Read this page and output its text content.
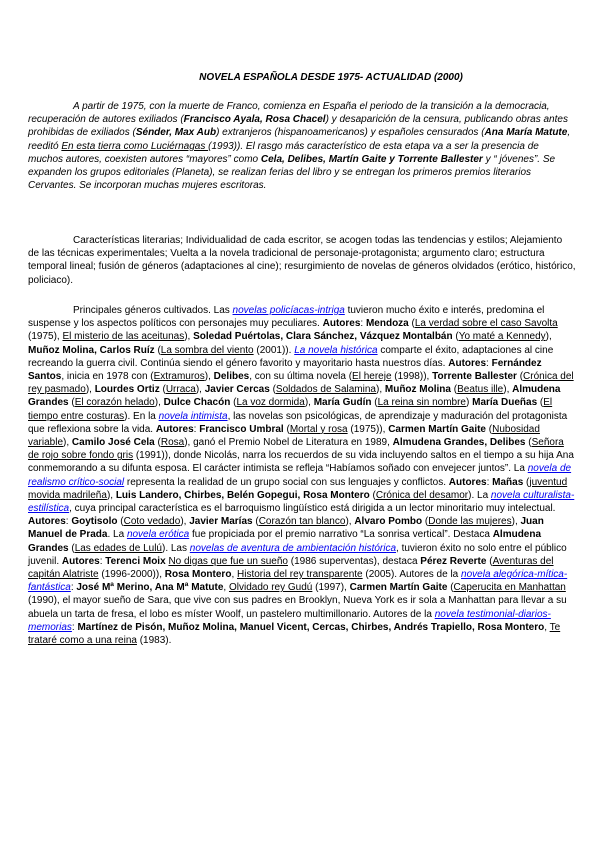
NOVELA ESPAÑOLA DESDE 1975- ACTUALIDAD (2000)
A partir de 1975, con la muerte de Franco, comienza en España el periodo de la transición a la democracia, recuperación de autores exiliados (Francisco Ayala, Rosa Chacel) y desaparición de la censura, publicando obras antes prohibidas de exiliados (Sénder, Max Aub) extranjeros (hispanoamericanos) y españoles censurados (Ana María Matute, reeditó En esta tierra como Luciérnagas (1993)). El rasgo más característico de esta etapa va a ser la presencia de muchos autores, coexisten autores “mayores” como Cela, Delibes, Martín Gaite y Torrente Ballester y “ jóvenes”. Se expanden los grupos editoriales (Planeta), se realizan ferias del libro y se entregan los primeros premios literarios Cervantes. Se incorporan muchas mujeres escritoras.
Características literarias; Individualidad de cada escritor, se acogen todas las tendencias y estilos; Alejamiento de las técnicas experimentales; Vuelta a la novela tradicional de personaje-protagonista; argumento claro; estructura temporal lineal; fusión de géneros (adaptaciones al cine); resurgimiento de novelas de géneros olvidados (erótico, histórico, policiaco).
Principales géneros cultivados. Las novelas policíacas-intriga tuvieron mucho éxito e interés, predomina el suspense y los aspectos políticos con personajes muy peculiares. Autores: Mendoza (La verdad sobre el caso Savolta (1975), El misterio de las aceitunas), Soledad Puértolas, Clara Sánchez, Vázquez Montalbán (Yo maté a Kennedy), Muñoz Molina, Carlos Ruíz (La sombra del viento (2001)). La novela histórica comparte el éxito, adaptaciones al cine recreando la guerra civil. Continúa siendo el género favorito y mayoritario hasta nuestros días. Autores: Fernández Santos, inicia en 1978 con (Extramuros), Delibes, con su última novela (El hereje (1998)), Torrente Ballester (Crónica del rey pasmado), Lourdes Ortiz (Urraca), Javier Cercas (Soldados de Salamina), Muñoz Molina (Beatus ille), Almudena Grandes (El corazón helado), Dulce Chacón (La voz dormida), María Gudín (La reina sin nombre) María Dueñas (El tiempo entre costuras). En la novela intimista, las novelas son psicológicas, de aprendizaje y maduración del protagonista que reflexiona sobre la vida. Autores: Francisco Umbral (Mortal y rosa (1975)), Carmen Martín Gaite (Nubosidad variable), Camilo José Cela (Rosa), ganó el Premio Nobel de Literatura en 1989, Almudena Grandes, Delibes (Señora de rojo sobre fondo gris (1991)), donde Nicolás, narra los recuerdos de su vida incluyendo saltos en el tiempo a su hija Ana conmemorando a su difunta esposa. El carácter intimista se refleja “Habíamos soñado con envejecer juntos”. La novela de realismo crítico-social representa la realidad de un grupo social con sus lenguajes y conflictos. Autores: Mañas (juventud movida madrileña), Luis Landero, Chirbes, Belén Gopegui, Rosa Montero (Crónica del desamor). La novela culturalista-estilística, cuya principal característica es el barroquismo lingüístico está dirigida a un lector minoritario muy intelectual. Autores: Goytisolo (Coto vedado), Javier Marías (Corazón tan blanco), Alvaro Pombo (Donde las mujeres), Juan Manuel de Prada. La novela erótica fue propiciada por el premio narrativo “La sonrisa vertical”. Destaca Almudena Grandes (Las edades de Lulú). Las novelas de aventura de ambientación histórica, tuvieron éxito no solo entre el público juvenil. Autores: Terenci Moix No digas que fue un sueño (1986 superventas), destaca Pérez Reverte (Aventuras del capitán Alatriste (1996-2000)), Rosa Montero, Historia del rey transparente (2005). Autores de la novela alegórica-mítica-fantástica: José Mª Merino, Ana Mª Matute, Olvidado rey Gudú (1997), Carmen Martín Gaite (Caperucita en Manhattan (1990), el mayor sueño de Sara, que vive con sus padres en Brooklyn, Nueva York es ir sola a Manhattan para llevar a su abuela un tarta de fresa, el lobo es míster Woolf, un pastelero multimillonario. Autores de la novela testimonial-diarios-memorias: Martínez de Pisón, Muñoz Molina, Manuel Vicent, Cercas, Chirbes, Andrés Trapiello, Rosa Montero, Te trataré como a una reina (1983).
